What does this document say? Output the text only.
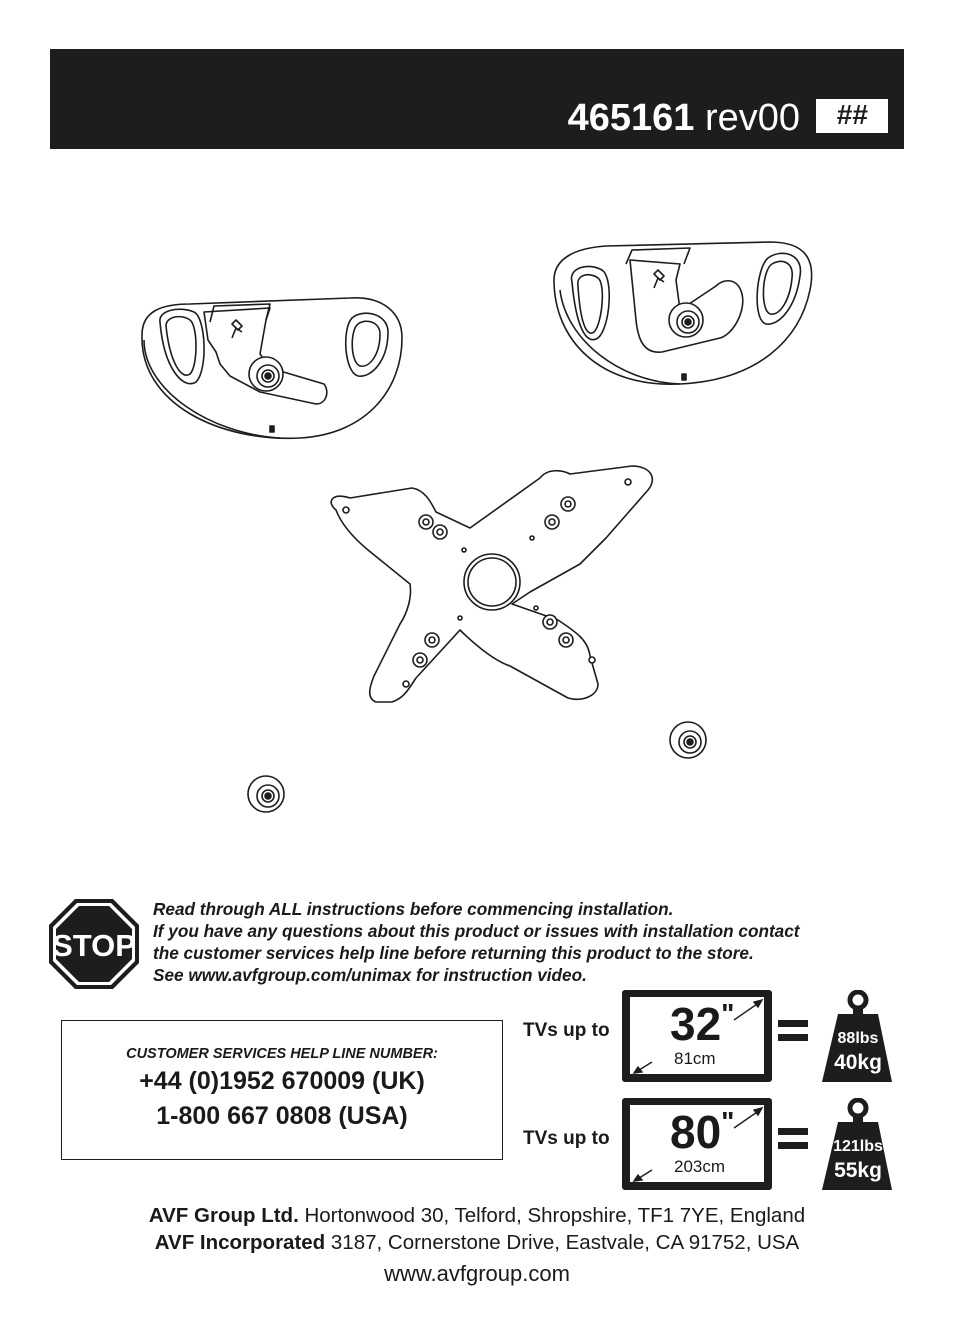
465161 rev00	##
STOP
Read through ALL instructions before commencing installation.
If you have any questions about this product or issues with installation contact
the customer services help line before returning this product to the store.
See www.avfgroup.com/unimax for instruction video.
CUSTOMER SERVICES HELP LINE NUMBER:
+44 (0)1952 670009 (UK)
1-800 667 0808 (USA)
TVs up to 32"
81cm
88lbs
40kg
TVs up to 80"
203cm
121lbs
55kg
AVF Group Ltd. Hortonwood 30, Telford, Shropshire, TF1 7YE, England
AVF Incorporated 3187, Cornerstone Drive, Eastvale, CA 91752, USA
www.avfgroup.com
